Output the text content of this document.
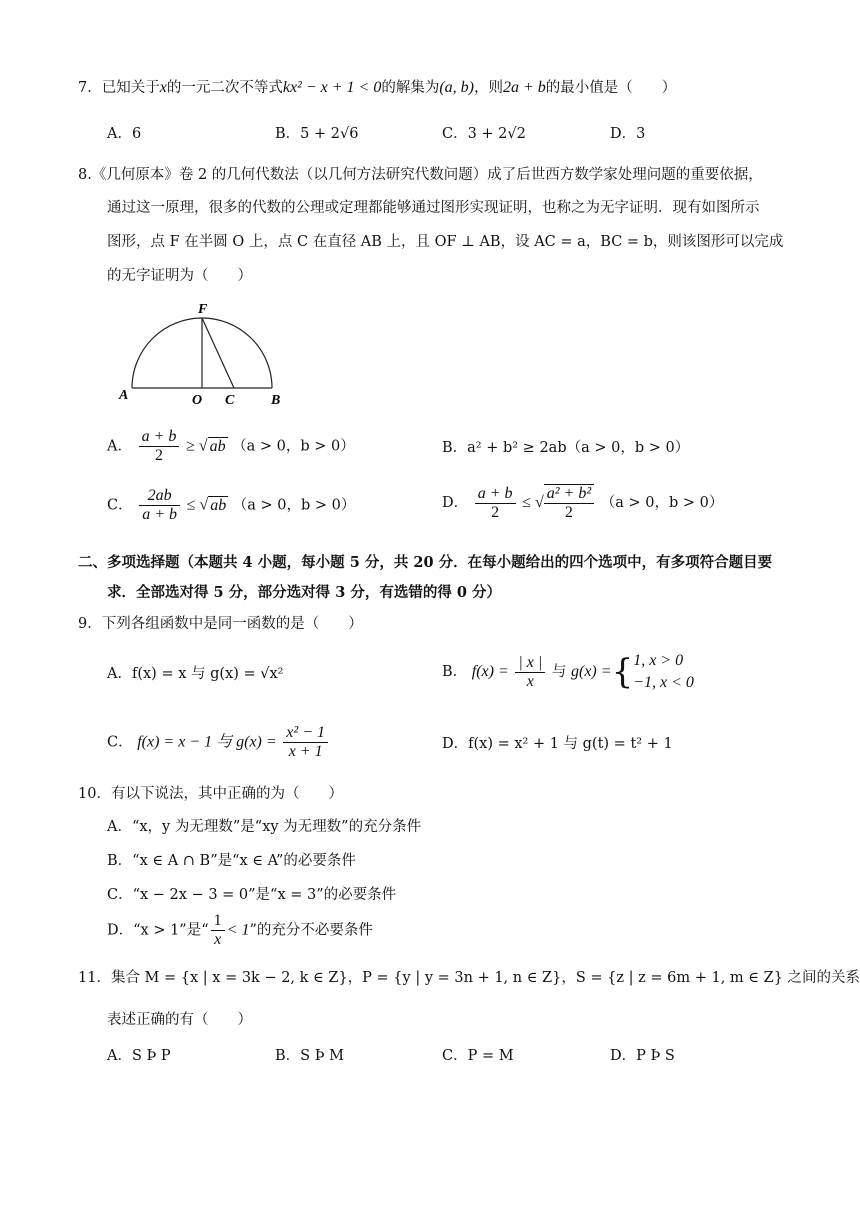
7．已知关于x的一元二次不等式kx² − x + 1 < 0的解集为(a, b)，则2a + b的最小值是（　　）
A．6	B．5 + 2√6	C．3 + 2√2	D．3
8.《几何原本》卷 2 的几何代数法（以几何方法研究代数问题）成了后世西方数学家处理问题的重要依据，
通过这一原理，很多的代数的公理或定理都能够通过图形实现证明，也称之为无字证明．现有如图所示
图形，点 F 在半圆 O 上，点 C 在直径 AB 上，且 OF ⊥ AB，设 AC = a，BC = b，则该图形可以完成
的无字证明为（　　）
F
A	O C	B
A． $\frac{a + b}{2}$ ≥ √ ab （a > 0，b > 0）	B．a² + b² ≥ 2ab（a > 0，b > 0）
C． $\frac{2ab}{a + b}$ ≤ √ ab （a > 0，b > 0）	D． $\frac{a + b}{2}$ ≤ √ $\frac{\text{a² + b²}}{2} (a > 0$，b > 0）
二、多项选择题（本题共 4 小题，每小题 5 分，共 20 分．在每小题给出的四个选项中，有多项符合题目要
求．全部选对得 5 分，部分选对得 3 分，有选错的得 0 分）
9．下列各组函数中是同一函数的是（　　）
A．f(x) = x 与 g(x) = √x²	B． $f(x) = \frac{| x |}{x}$ 与 g(x) ={1, x > 0
−1, x < 0
C． f(x) = x − 1 与 $g(x) = \frac{\text{x² − 1}}{x + 1}$	D．f(x) = x² + 1 与 g(t) = t² + 1
10．有以下说法，其中正确的为（　　）
A．“x，y 为无理数”是“xy 为无理数”的充分条件
B．“x ∈ A ∩ B”是“x ∈ A”的必要条件
C．“x − 2x − 3 = 0”是“x = 3”的必要条件
D．“x > 1”是“ $\frac{1}{x} < 1$”的充分不必要条件
11．集合 M = {x | x = 3k − 2, k ∈ Z}，P = {y | y = 3n + 1, n ∈ Z}，S = {z | z = 6m + 1, m ∈ Z} 之间的关系
表述正确的有（　　）
A．S Þ P	B．S Þ M	C．P = M	D．P Þ S
